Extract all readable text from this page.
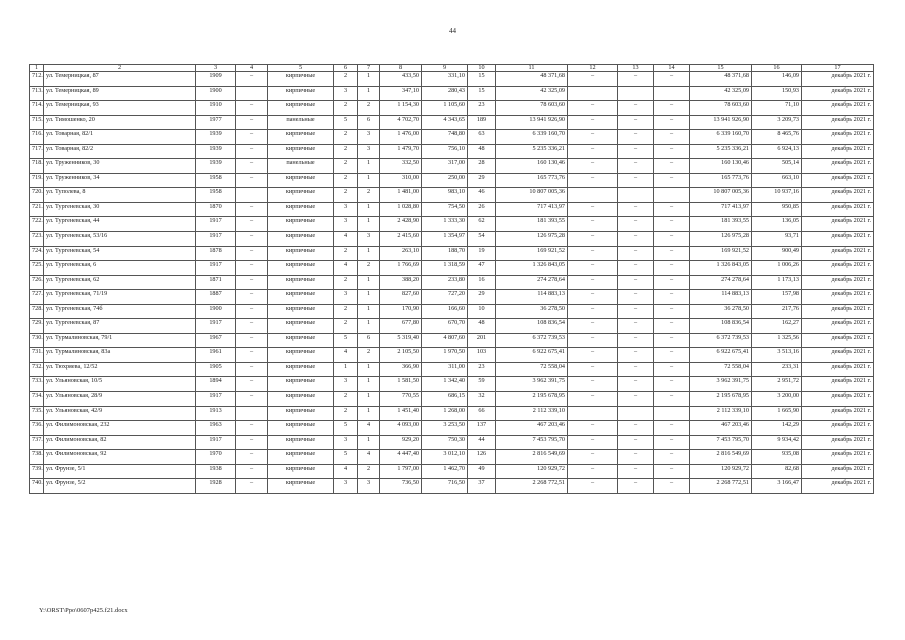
44
1	2	3	4	5	6	7	8	9	10	11	12	13	14	15	16	17
712.	ул. Темерницкая, 87	1909	–	кирпичные	2	1	433,50	331,10	15	48 371,68	–	–	–	48 371,68	146,09	декабрь 2021 г.
713.	ул. Темерницкая, 89	1900		кирпичные	3	1	347,10	280,43	15	42 325,09				42 325,09	150,93	декабрь 2021 г.
714.	ул. Темерницкая, 93	1910	–	кирпичные	2	2	1 154,30	1 105,60	23	78 603,60	–	–	–	78 603,60	71,10	декабрь 2021 г.
715.	ул. Тимошенко, 20	1977	–	панельные	5	6	4 702,70	4 343,65	189	13 941 926,90	–	–	–	13 941 926,90	3 209,73	декабрь 2021 г.
716.	ул. Товарная, 82/1	1939	–	кирпичные	2	3	1 476,00	748,80	63	6 339 160,70	–	–	–	6 339 160,70	8 465,76	декабрь 2021 г.
717.	ул. Товарная, 82/2	1939	–	кирпичные	2	3	1 479,70	756,10	48	5 235 336,21	–	–	–	5 235 336,21	6 924,13	декабрь 2021 г.
718.	ул. Труженников, 30	1939	–	панельные	2	1	332,50	317,00	28	160 130,46	–	–	–	160 130,46	505,14	декабрь 2021 г.
719.	ул. Труженников, 34	1958	–	кирпичные	2	1	310,00	250,00	29	165 773,76	–	–	–	165 773,76	663,10	декабрь 2021 г.
720.	ул. Туполева, 8	1958		кирпичные	2	2	1 481,00	983,10	46	10 807 005,36				10 807 005,36	10 937,16	декабрь 2021 г.
721.	ул. Тургеневская, 30	1870	–	кирпичные	3	1	1 028,80	754,50	26	717 413,97	–	–	–	717 413,97	950,85	декабрь 2021 г.
722.	ул. Тургеневская, 44	1917	–	кирпичные	3	1	2 428,90	1 333,30	62	181 393,55	–	–	–	181 393,55	136,05	декабрь 2021 г.
723.	ул. Тургеневская, 53/16	1917	–	кирпичные	4	3	2 415,60	1 354,97	54	126 975,28	–	–	–	126 975,28	93,71	декабрь 2021 г.
724.	ул. Тургеневская, 54	1878	–	кирпичные	2	1	263,10	188,70	19	169 921,52	–	–	–	169 921,52	900,49	декабрь 2021 г.
725.	ул. Тургеневская, 6	1917	–	кирпичные	4	2	1 766,69	1 318,59	47	1 326 843,05	–	–	–	1 326 843,05	1 006,26	декабрь 2021 г.
726.	ул. Тургеневская, 62	1871	–	кирпичные	2	1	388,20	233,80	16	274 278,64	–	–	–	274 278,64	1 173,13	декабрь 2021 г.
727.	ул. Тургеневская, 71/19	1887	–	кирпичные	3	1	827,60	727,20	29	114 883,13	–	–	–	114 883,13	157,98	декабрь 2021 г.
728.	ул. Тургеневская, 74б	1900	–	кирпичные	2	1	170,90	166,60	10	36 278,50	–	–	–	36 278,50	217,76	декабрь 2021 г.
729.	ул. Тургеневская, 87	1917	–	кирпичные	2	1	677,80	670,70	48	108 836,54	–	–	–	108 836,54	162,27	декабрь 2021 г.
730.	ул. Турмалиновская, 79/1	1967	–	кирпичные	5	6	5 319,40	4 807,60	201	6 372 739,53	–	–	–	6 372 739,53	1 325,56	декабрь 2021 г.
731.	ул. Турмалиновская, 83а	1961	–	кирпичные	4	2	2 105,50	1 970,50	103	6 922 675,41	–	–	–	6 922 675,41	3 513,16	декабрь 2021 г.
732.	ул. Тюхряева, 12/52	1905	–	кирпичные	1	1	366,90	311,00	23	72 558,04	–	–	–	72 558,04	233,31	декабрь 2021 г.
733.	ул. Ульяновская, 10/5	1894	–	кирпичные	3	1	1 581,50	1 342,40	59	3 962 391,75	–	–	–	3 962 391,75	2 951,72	декабрь 2021 г.
734.	ул. Ульяновская, 28/9	1917	–	кирпичные	2	1	770,55	686,15	32	2 195 678,95	–	–	–	2 195 678,95	3 200,00	декабрь 2021 г.
735.	ул. Ульяновская, 42/9	1913		кирпичные	2	1	1 451,40	1 268,00	66	2 112 339,10				2 112 339,10	1 665,90	декабрь 2021 г.
736.	ул. Филимоновская, 232	1963	–	кирпичные	5	4	4 093,00	3 253,50	137	467 203,46	–	–	–	467 203,46	142,29	декабрь 2021 г.
737.	ул. Филимоновская, 82	1917	–	кирпичные	3	1	929,20	750,30	44	7 453 795,70	–	–	–	7 453 795,70	9 934,42	декабрь 2021 г.
738.	ул. Филимоновская, 92	1970	–	кирпичные	5	4	4 447,40	3 012,10	126	2 816 549,69	–	–	–	2 816 549,69	935,08	декабрь 2021 г.
739.	ул. Фрунзе, 5/1	1938	–	кирпичные	4	2	1 797,00	1 462,70	49	120 929,72	–	–	–	120 929,72	82,68	декабрь 2021 г.
740.	ул. Фрунзе, 5/2	1928	–	кирпичные	3	3	736,50	716,50	37	2 268 772,51	–	–	–	2 268 772,51	3 166,47	декабрь 2021 г.
Y:\ORST\Ppo\0607p425.f21.docx
